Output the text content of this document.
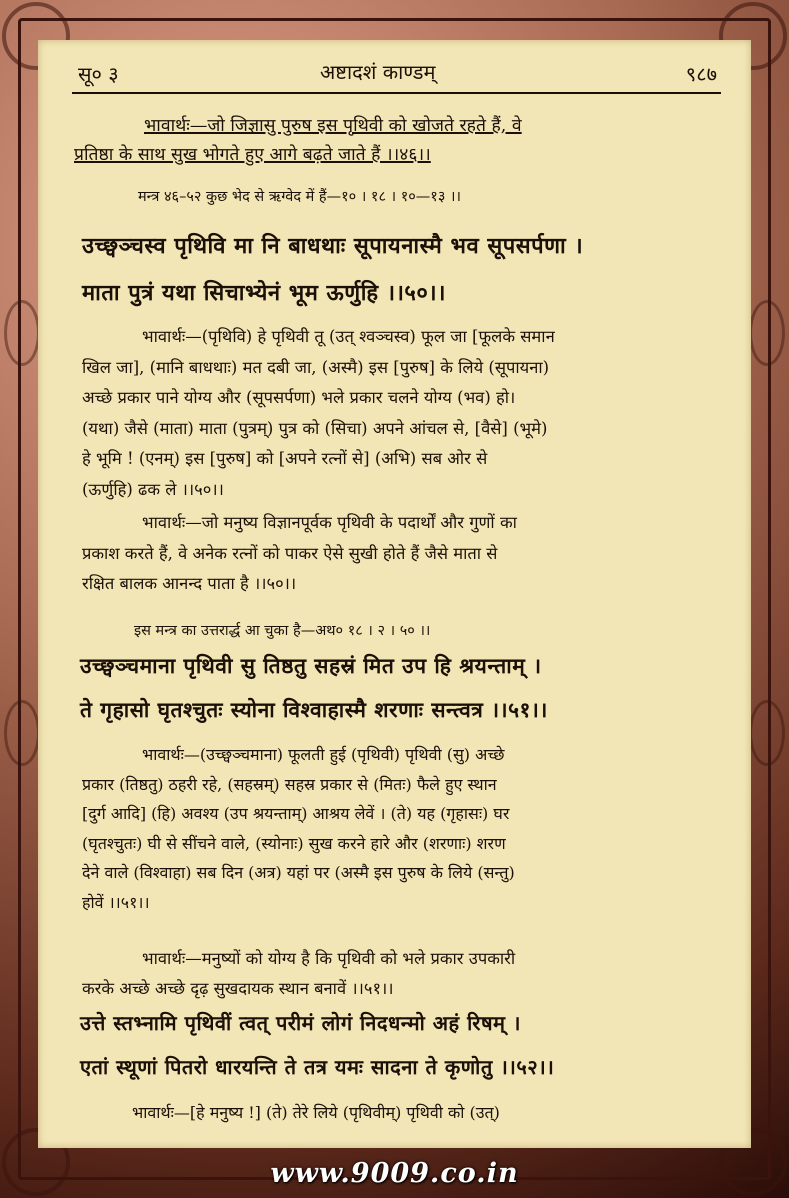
सू० ३	अष्टादशं काण्डम्	९८७
भावार्थः—जो जिज्ञासु पुरुष इस पृथिवी को खोजते रहते हैं, वे
प्रतिष्ठा के साथ सुख भोगते हुए आगे बढ़ते जाते हैं ।।४६।।
मन्त्र ४६–५२ कुछ भेद से ऋग्वेद में हैं—१० । १८ । १०—१३ ।।
उच्छ्वञ्चस्व पृथिवि मा नि बाधथाः सूपायनास्मै भव सूपसर्पणा ।
माता पुत्रं यथा सिचाभ्येनं भूम ऊर्णुहि ।।५०।।
भावार्थः—(पृथिवि) हे पृथिवी तू (उत् श्वञ्चस्व) फूल जा [फूलके समान
खिल जा], (मानि बाधथाः) मत दबी जा, (अस्मै) इस [पुरुष] के लिये (सूपायना)
अच्छे प्रकार पाने योग्य और (सूपसर्पणा) भले प्रकार चलने योग्य (भव) हो।
(यथा) जैसे (माता) माता (पुत्रम्) पुत्र को (सिचा) अपने आंचल से, [वैसे] (भूमे)
हे भूमि ! (एनम्) इस [पुरुष] को [अपने रत्नों से] (अभि) सब ओर से
(ऊर्णुहि) ढक ले ।।५०।।
भावार्थः—जो मनुष्य विज्ञानपूर्वक पृथिवी के पदार्थों और गुणों का
प्रकाश करते हैं, वे अनेक रत्नों को पाकर ऐसे सुखी होते हैं जैसे माता से
रक्षित बालक आनन्द पाता है ।।५०।।
इस मन्त्र का उत्तरार्द्ध आ चुका है—अथ० १८ । २ । ५० ।।
उच्छ्वञ्चमाना पृथिवी सु तिष्ठतु सहस्रं मित उप हि श्रयन्ताम् ।
ते गृहासो घृतश्चुतः स्योना विश्वाहास्मै शरणाः सन्त्वत्र ।।५१।।
भावार्थः—(उच्छ्वञ्चमाना) फूलती हुई (पृथिवी) पृथिवी (सु) अच्छे
प्रकार (तिष्ठतु) ठहरी रहे, (सहस्रम्) सहस्र प्रकार से (मितः) फैले हुए स्थान
[दुर्ग आदि] (हि) अवश्य (उप श्रयन्ताम्) आश्रय लेवें । (ते) यह (गृहासः) घर
(घृतश्चुतः) घी से सींचने वाले, (स्योनाः) सुख करने हारे और (शरणाः) शरण
देने वाले (विश्वाहा) सब दिन (अत्र) यहां पर (अस्मै इस पुरुष के लिये (सन्तु)
होवें ।।५१।।
भावार्थः—मनुष्यों को योग्य है कि पृथिवी को भले प्रकार उपकारी
करके अच्छे अच्छे दृढ़ सुखदायक स्थान बनावें ।।५१।।
उत्ते स्तभ्नामि पृथिवीं त्वत् परीमं लोगं निदधन्मो अहं रिषम् ।
एतां स्थूणां पितरो धारयन्ति ते तत्र यमः सादना ते कृणोतु ।।५२।।
भावार्थः—[हे मनुष्य !] (ते) तेरे लिये (पृथिवीम्) पृथिवी को (उत्)
www.9009.co.in
